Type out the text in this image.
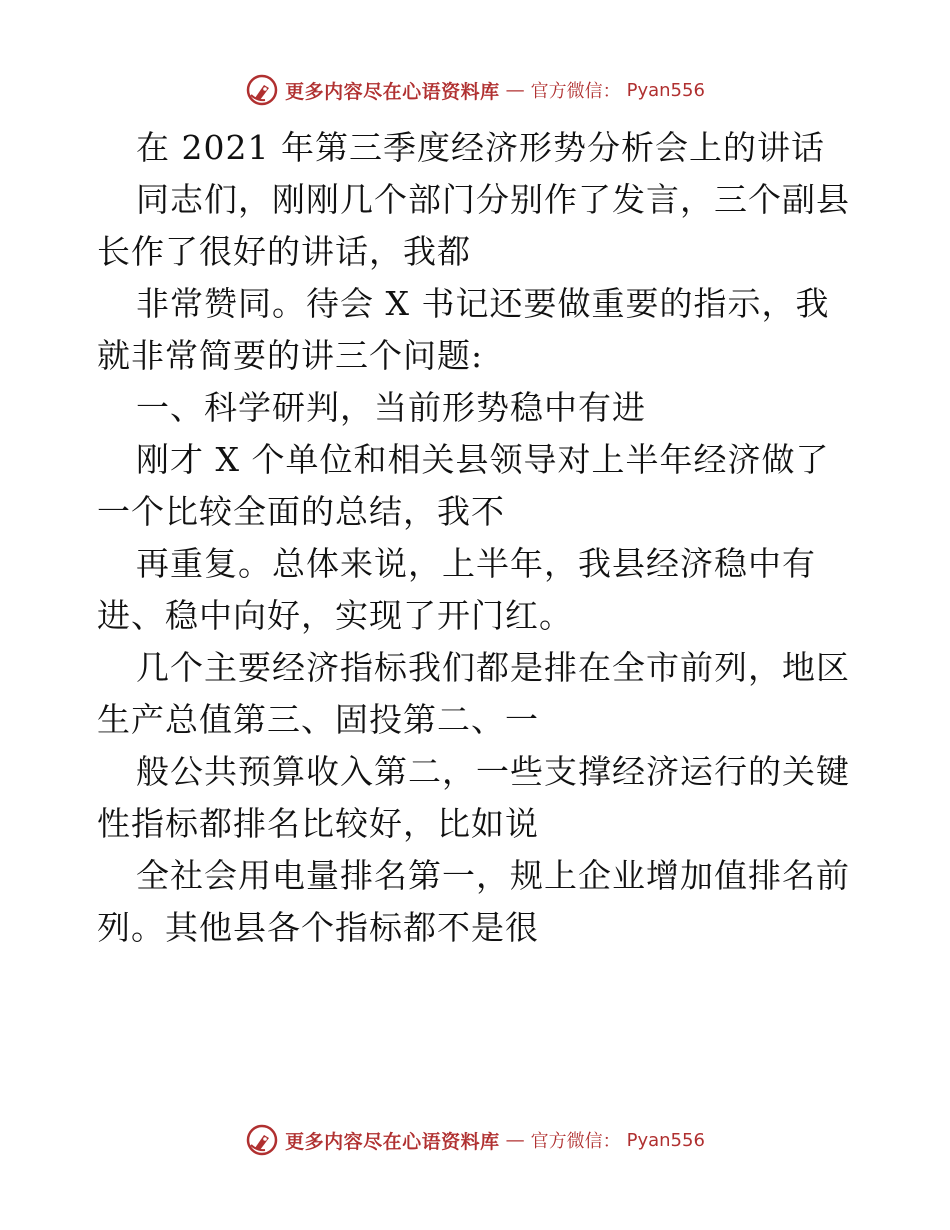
更多内容尽在心语资料库 — 官方微信： Pyan556
在 2021 年第三季度经济形势分析会上的讲话
同志们，刚刚几个部门分别作了发言，三个副县
长作了很好的讲话，我都
非常赞同。待会 X 书记还要做重要的指示，我
就非常简要的讲三个问题:
一、科学研判，当前形势稳中有进
刚才 X 个单位和相关县领导对上半年经济做了
一个比较全面的总结，我不
再重复。总体来说，上半年，我县经济稳中有
进、稳中向好，实现了开门红。
几个主要经济指标我们都是排在全市前列，地区
生产总值第三、固投第二、一
般公共预算收入第二，一些支撑经济运行的关键
性指标都排名比较好，比如说
全社会用电量排名第一，规上企业增加值排名前
列。其他县各个指标都不是很
更多内容尽在心语资料库 — 官方微信： Pyan556
